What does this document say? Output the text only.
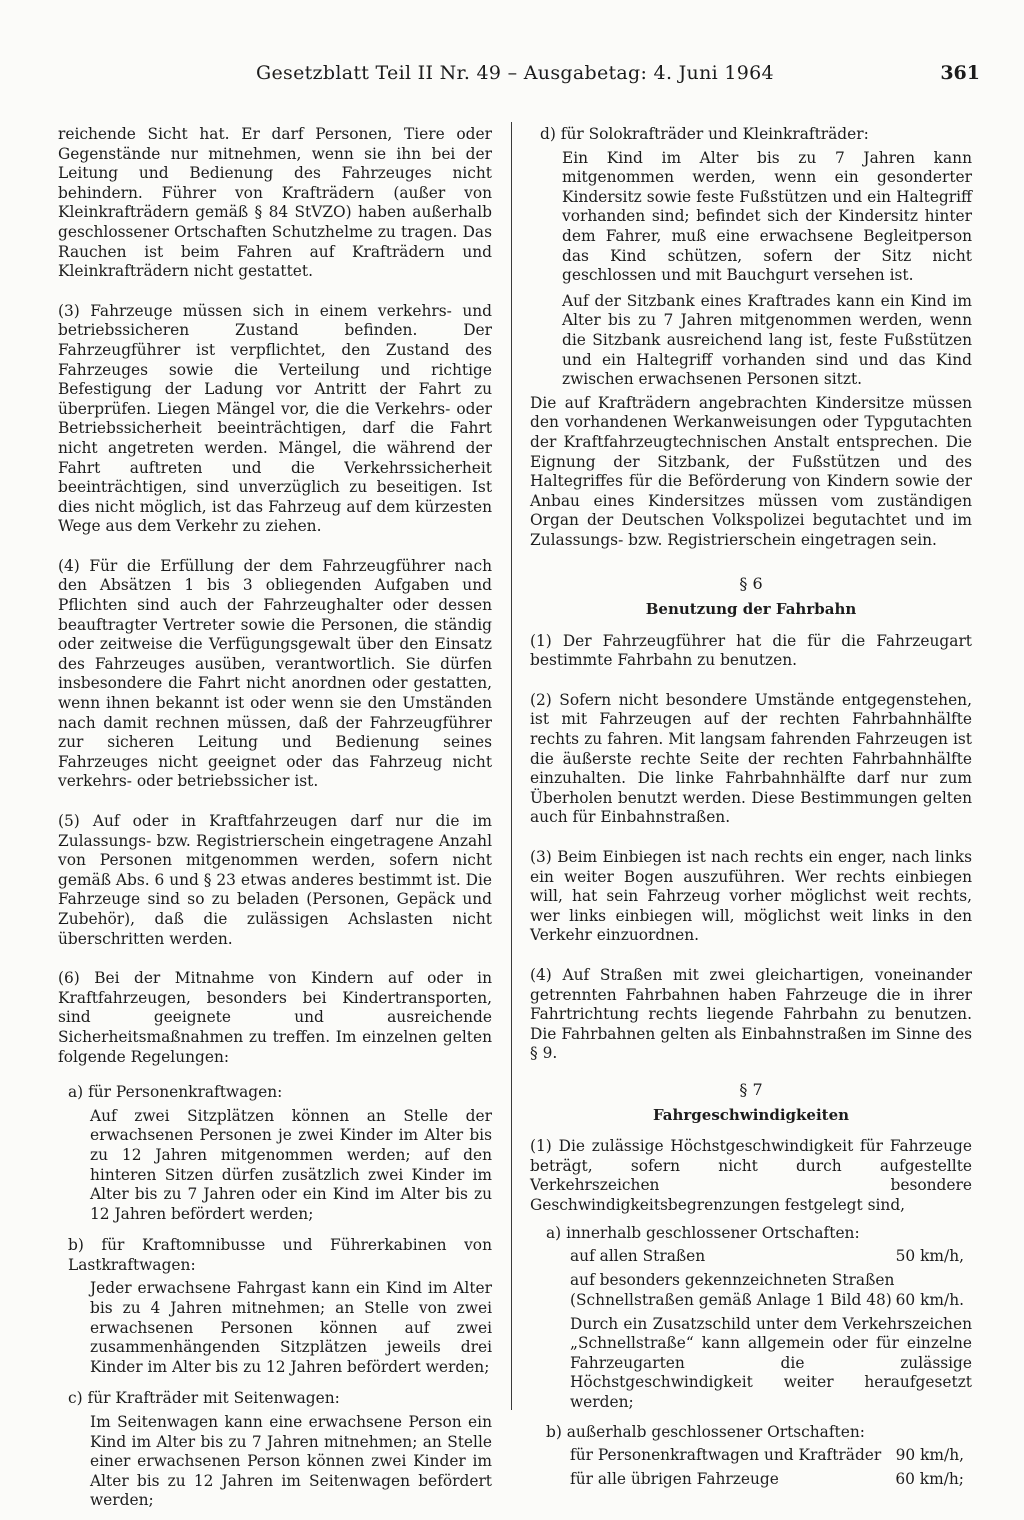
Gesetzblatt Teil II Nr. 49 – Ausgabetag: 4. Juni 1964	361

reichende Sicht hat. Er darf Personen, Tiere oder Gegenstände nur mitnehmen, wenn sie ihn bei der Leitung und Bedienung des Fahrzeuges nicht behindern. Führer von Krafträdern (außer von Kleinkrafträdern gemäß § 84 StVZO) haben außerhalb geschlossener Ortschaften Schutzhelme zu tragen. Das Rauchen ist beim Fahren auf Krafträdern und Kleinkrafträdern nicht gestattet.

(3) Fahrzeuge müssen sich in einem verkehrs- und betriebssicheren Zustand befinden. Der Fahrzeugführer ist verpflichtet, den Zustand des Fahrzeuges sowie die Verteilung und richtige Befestigung der Ladung vor Antritt der Fahrt zu überprüfen. Liegen Mängel vor, die die Verkehrs- oder Betriebssicherheit beeinträchtigen, darf die Fahrt nicht angetreten werden. Mängel, die während der Fahrt auftreten und die Verkehrssicherheit beeinträchtigen, sind unverzüglich zu beseitigen. Ist dies nicht möglich, ist das Fahrzeug auf dem kürzesten Wege aus dem Verkehr zu ziehen.

(4) Für die Erfüllung der dem Fahrzeugführer nach den Absätzen 1 bis 3 obliegenden Aufgaben und Pflichten sind auch der Fahrzeughalter oder dessen beauftragter Vertreter sowie die Personen, die ständig oder zeitweise die Verfügungsgewalt über den Einsatz des Fahrzeuges ausüben, verantwortlich. Sie dürfen insbesondere die Fahrt nicht anordnen oder gestatten, wenn ihnen bekannt ist oder wenn sie den Umständen nach damit rechnen müssen, daß der Fahrzeugführer zur sicheren Leitung und Bedienung seines Fahrzeuges nicht geeignet oder das Fahrzeug nicht verkehrs- oder betriebssicher ist.

(5) Auf oder in Kraftfahrzeugen darf nur die im Zulassungs- bzw. Registrierschein eingetragene Anzahl von Personen mitgenommen werden, sofern nicht gemäß Abs. 6 und § 23 etwas anderes bestimmt ist. Die Fahrzeuge sind so zu beladen (Personen, Gepäck und Zubehör), daß die zulässigen Achslasten nicht überschritten werden.

(6) Bei der Mitnahme von Kindern auf oder in Kraftfahrzeugen, besonders bei Kindertransporten, sind geeignete und ausreichende Sicherheitsmaßnahmen zu treffen. Im einzelnen gelten folgende Regelungen:

a) für Personenkraftwagen:

Auf zwei Sitzplätzen können an Stelle der erwachsenen Personen je zwei Kinder im Alter bis zu 12 Jahren mitgenommen werden; auf den hinteren Sitzen dürfen zusätzlich zwei Kinder im Alter bis zu 7 Jahren oder ein Kind im Alter bis zu 12 Jahren befördert werden;

b) für Kraftomnibusse und Führerkabinen von Lastkraftwagen:

Jeder erwachsene Fahrgast kann ein Kind im Alter bis zu 4 Jahren mitnehmen; an Stelle von zwei erwachsenen Personen können auf zwei zusammenhängenden Sitzplätzen jeweils drei Kinder im Alter bis zu 12 Jahren befördert werden;

c) für Krafträder mit Seitenwagen:

Im Seitenwagen kann eine erwachsene Person ein Kind im Alter bis zu 7 Jahren mitnehmen; an Stelle einer erwachsenen Person können zwei Kinder im Alter bis zu 12 Jahren im Seitenwagen befördert werden;

d) für Solokrafträder und Kleinkrafträder:

Ein Kind im Alter bis zu 7 Jahren kann mitgenommen werden, wenn ein gesonderter Kindersitz sowie feste Fußstützen und ein Haltegriff vorhanden sind; befindet sich der Kindersitz hinter dem Fahrer, muß eine erwachsene Begleitperson das Kind schützen, sofern der Sitz nicht geschlossen und mit Bauchgurt versehen ist.

Auf der Sitzbank eines Kraftrades kann ein Kind im Alter bis zu 7 Jahren mitgenommen werden, wenn die Sitzbank ausreichend lang ist, feste Fußstützen und ein Haltegriff vorhanden sind und das Kind zwischen erwachsenen Personen sitzt.

Die auf Krafträdern angebrachten Kindersitze müssen den vorhandenen Werkanweisungen oder Typgutachten der Kraftfahrzeugtechnischen Anstalt entsprechen. Die Eignung der Sitzbank, der Fußstützen und des Haltegriffes für die Beförderung von Kindern sowie der Anbau eines Kindersitzes müssen vom zuständigen Organ der Deutschen Volkspolizei begutachtet und im Zulassungs- bzw. Registrierschein eingetragen sein.

§ 6

Benutzung der Fahrbahn

(1) Der Fahrzeugführer hat die für die Fahrzeugart bestimmte Fahrbahn zu benutzen.

(2) Sofern nicht besondere Umstände entgegenstehen, ist mit Fahrzeugen auf der rechten Fahrbahnhälfte rechts zu fahren. Mit langsam fahrenden Fahrzeugen ist die äußerste rechte Seite der rechten Fahrbahnhälfte einzuhalten. Die linke Fahrbahnhälfte darf nur zum Überholen benutzt werden. Diese Bestimmungen gelten auch für Einbahnstraßen.

(3) Beim Einbiegen ist nach rechts ein enger, nach links ein weiter Bogen auszuführen. Wer rechts einbiegen will, hat sein Fahrzeug vorher möglichst weit rechts, wer links einbiegen will, möglichst weit links in den Verkehr einzuordnen.

(4) Auf Straßen mit zwei gleichartigen, voneinander getrennten Fahrbahnen haben Fahrzeuge die in ihrer Fahrtrichtung rechts liegende Fahrbahn zu benutzen. Die Fahrbahnen gelten als Einbahnstraßen im Sinne des § 9.

§ 7

Fahrgeschwindigkeiten

(1) Die zulässige Höchstgeschwindigkeit für Fahrzeuge beträgt, sofern nicht durch aufgestellte Verkehrszeichen besondere Geschwindigkeitsbegrenzungen festgelegt sind,

a) innerhalb geschlossener Ortschaften:

auf allen Straßen	50 km/h,

auf besonders gekennzeichneten Straßen

(Schnellstraßen gemäß Anlage 1 Bild 48) 60 km/h.

Durch ein Zusatzschild unter dem Verkehrszeichen „Schnellstraße“ kann allgemein oder für einzelne Fahrzeugarten die zulässige Höchstgeschwindigkeit weiter heraufgesetzt werden;

b) außerhalb geschlossener Ortschaften:

für Personenkraftwagen und Krafträder 90 km/h,
für alle übrigen Fahrzeuge	60 km/h;
